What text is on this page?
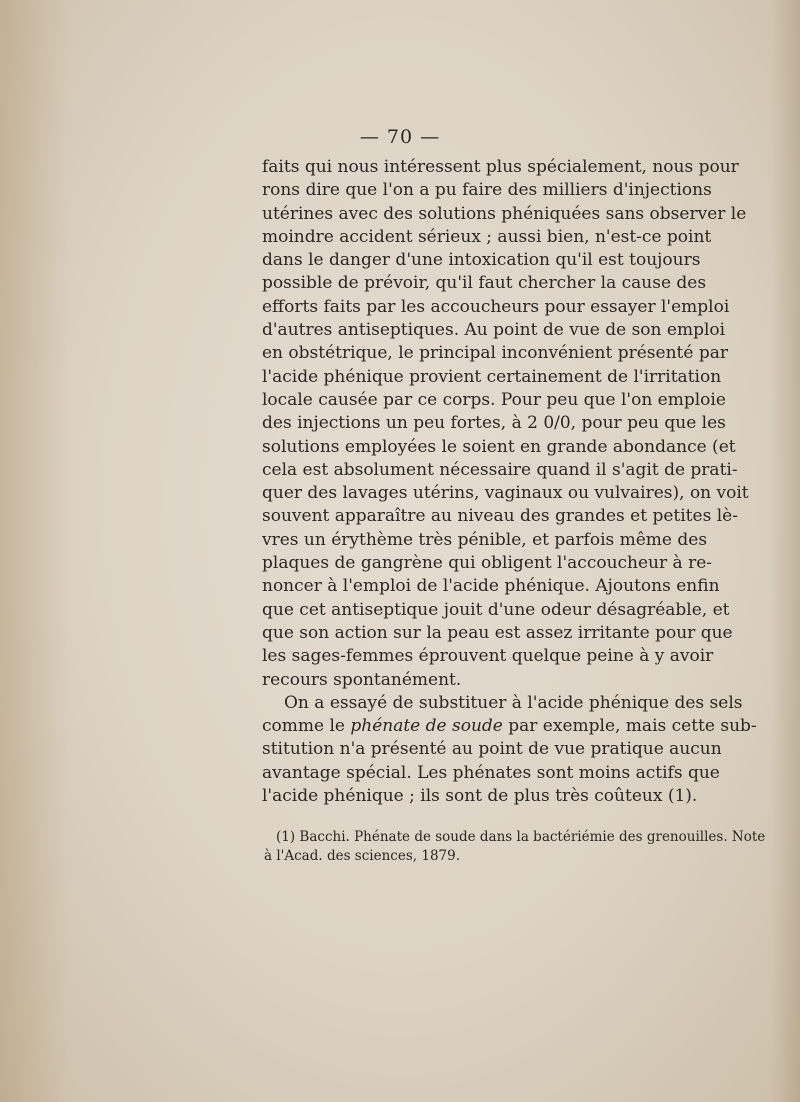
— 70 —
faits qui nous intéressent plus spécialement, nous pour
rons dire que l'on a pu faire des milliers d'injections
utérines avec des solutions phéniquées sans observer le
moindre accident sérieux ; aussi bien, n'est-ce point
dans le danger d'une intoxication qu'il est toujours
possible de prévoir, qu'il faut chercher la cause des
efforts faits par les accoucheurs pour essayer l'emploi
d'autres antiseptiques. Au point de vue de son emploi
en obstétrique, le principal inconvénient présenté par
l'acide phénique provient certainement de l'irritation
locale causée par ce corps. Pour peu que l'on emploie
des injections un peu fortes, à 2 0/0, pour peu que les
solutions employées le soient en grande abondance (et
cela est absolument nécessaire quand il s'agit de prati-
quer des lavages utérins, vaginaux ou vulvaires), on voit
souvent apparaître au niveau des grandes et petites lè-
vres un érythème très pénible, et parfois même des
plaques de gangrène qui obligent l'accoucheur à re-
noncer à l'emploi de l'acide phénique. Ajoutons enfin
que cet antiseptique jouit d'une odeur désagréable, et
que son action sur la peau est assez irritante pour que
les sages-femmes éprouvent quelque peine à y avoir
recours spontanément.
On a essayé de substituer à l'acide phénique des sels
comme le phénate de soude par exemple, mais cette sub-
stitution n'a présenté au point de vue pratique aucun
avantage spécial. Les phénates sont moins actifs que
l'acide phénique ; ils sont de plus très coûteux (1).
(1) Bacchi. Phénate de soude dans la bactériémie des grenouilles. Note
à l'Acad. des sciences, 1879.
